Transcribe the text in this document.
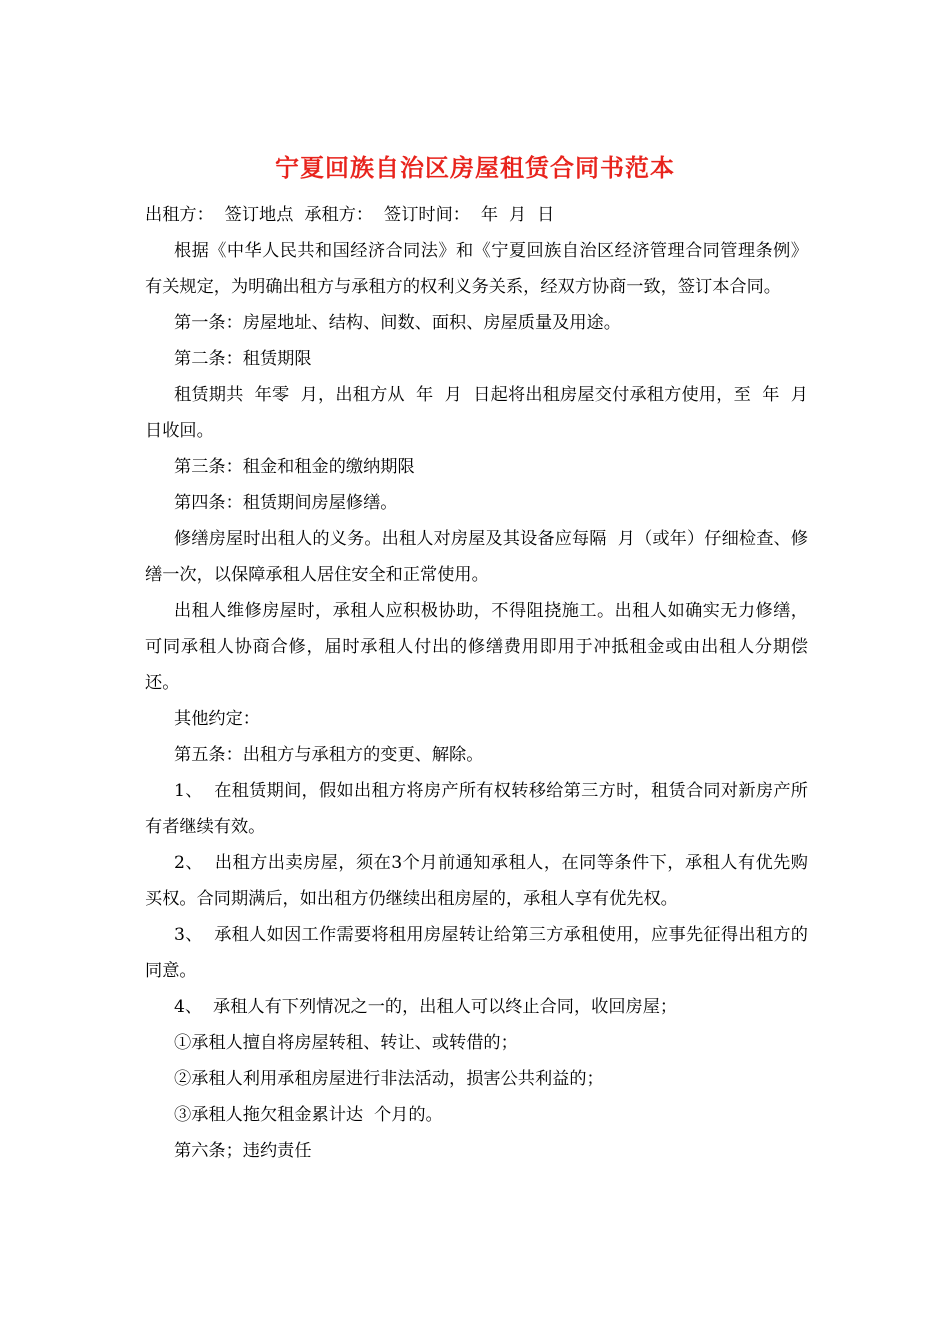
宁夏回族自治区房屋租赁合同书范本

出租方：  签订地点  承租方：  签订时间：  年  月  日

根据《中华人民共和国经济合同法》和《宁夏回族自治区经济管理合同管理条例》有关规定，为明确出租方与承租方的权利义务关系，经双方协商一致，签订本合同。

第一条：房屋地址、结构、间数、面积、房屋质量及用途。

第二条：租赁期限

租赁期共  年零  月，出租方从  年  月  日起将出租房屋交付承租方使用，至  年  月  日收回。

第三条：租金和租金的缴纳期限

第四条：租赁期间房屋修缮。

修缮房屋时出租人的义务。出租人对房屋及其设备应每隔  月（或年）仔细检查、修缮一次，以保障承租人居住安全和正常使用。

出租人维修房屋时，承租人应积极协助，不得阻挠施工。出租人如确实无力修缮，可同承租人协商合修，届时承租人付出的修缮费用即用于冲抵租金或由出租人分期偿还。

其他约定：

第五条：出租方与承租方的变更、解除。

1、  在租赁期间，假如出租方将房产所有权转移给第三方时，租赁合同对新房产所有者继续有效。

2、  出租方出卖房屋，须在3个月前通知承租人，在同等条件下，承租人有优先购买权。合同期满后，如出租方仍继续出租房屋的，承租人享有优先权。

3、  承租人如因工作需要将租用房屋转让给第三方承租使用，应事先征得出租方的同意。

4、  承租人有下列情况之一的，出租人可以终止合同，收回房屋；

①承租人擅自将房屋转租、转让、或转借的；

②承租人利用承租房屋进行非法活动，损害公共利益的；

③承租人拖欠租金累计达  个月的。

第六条；违约责任
